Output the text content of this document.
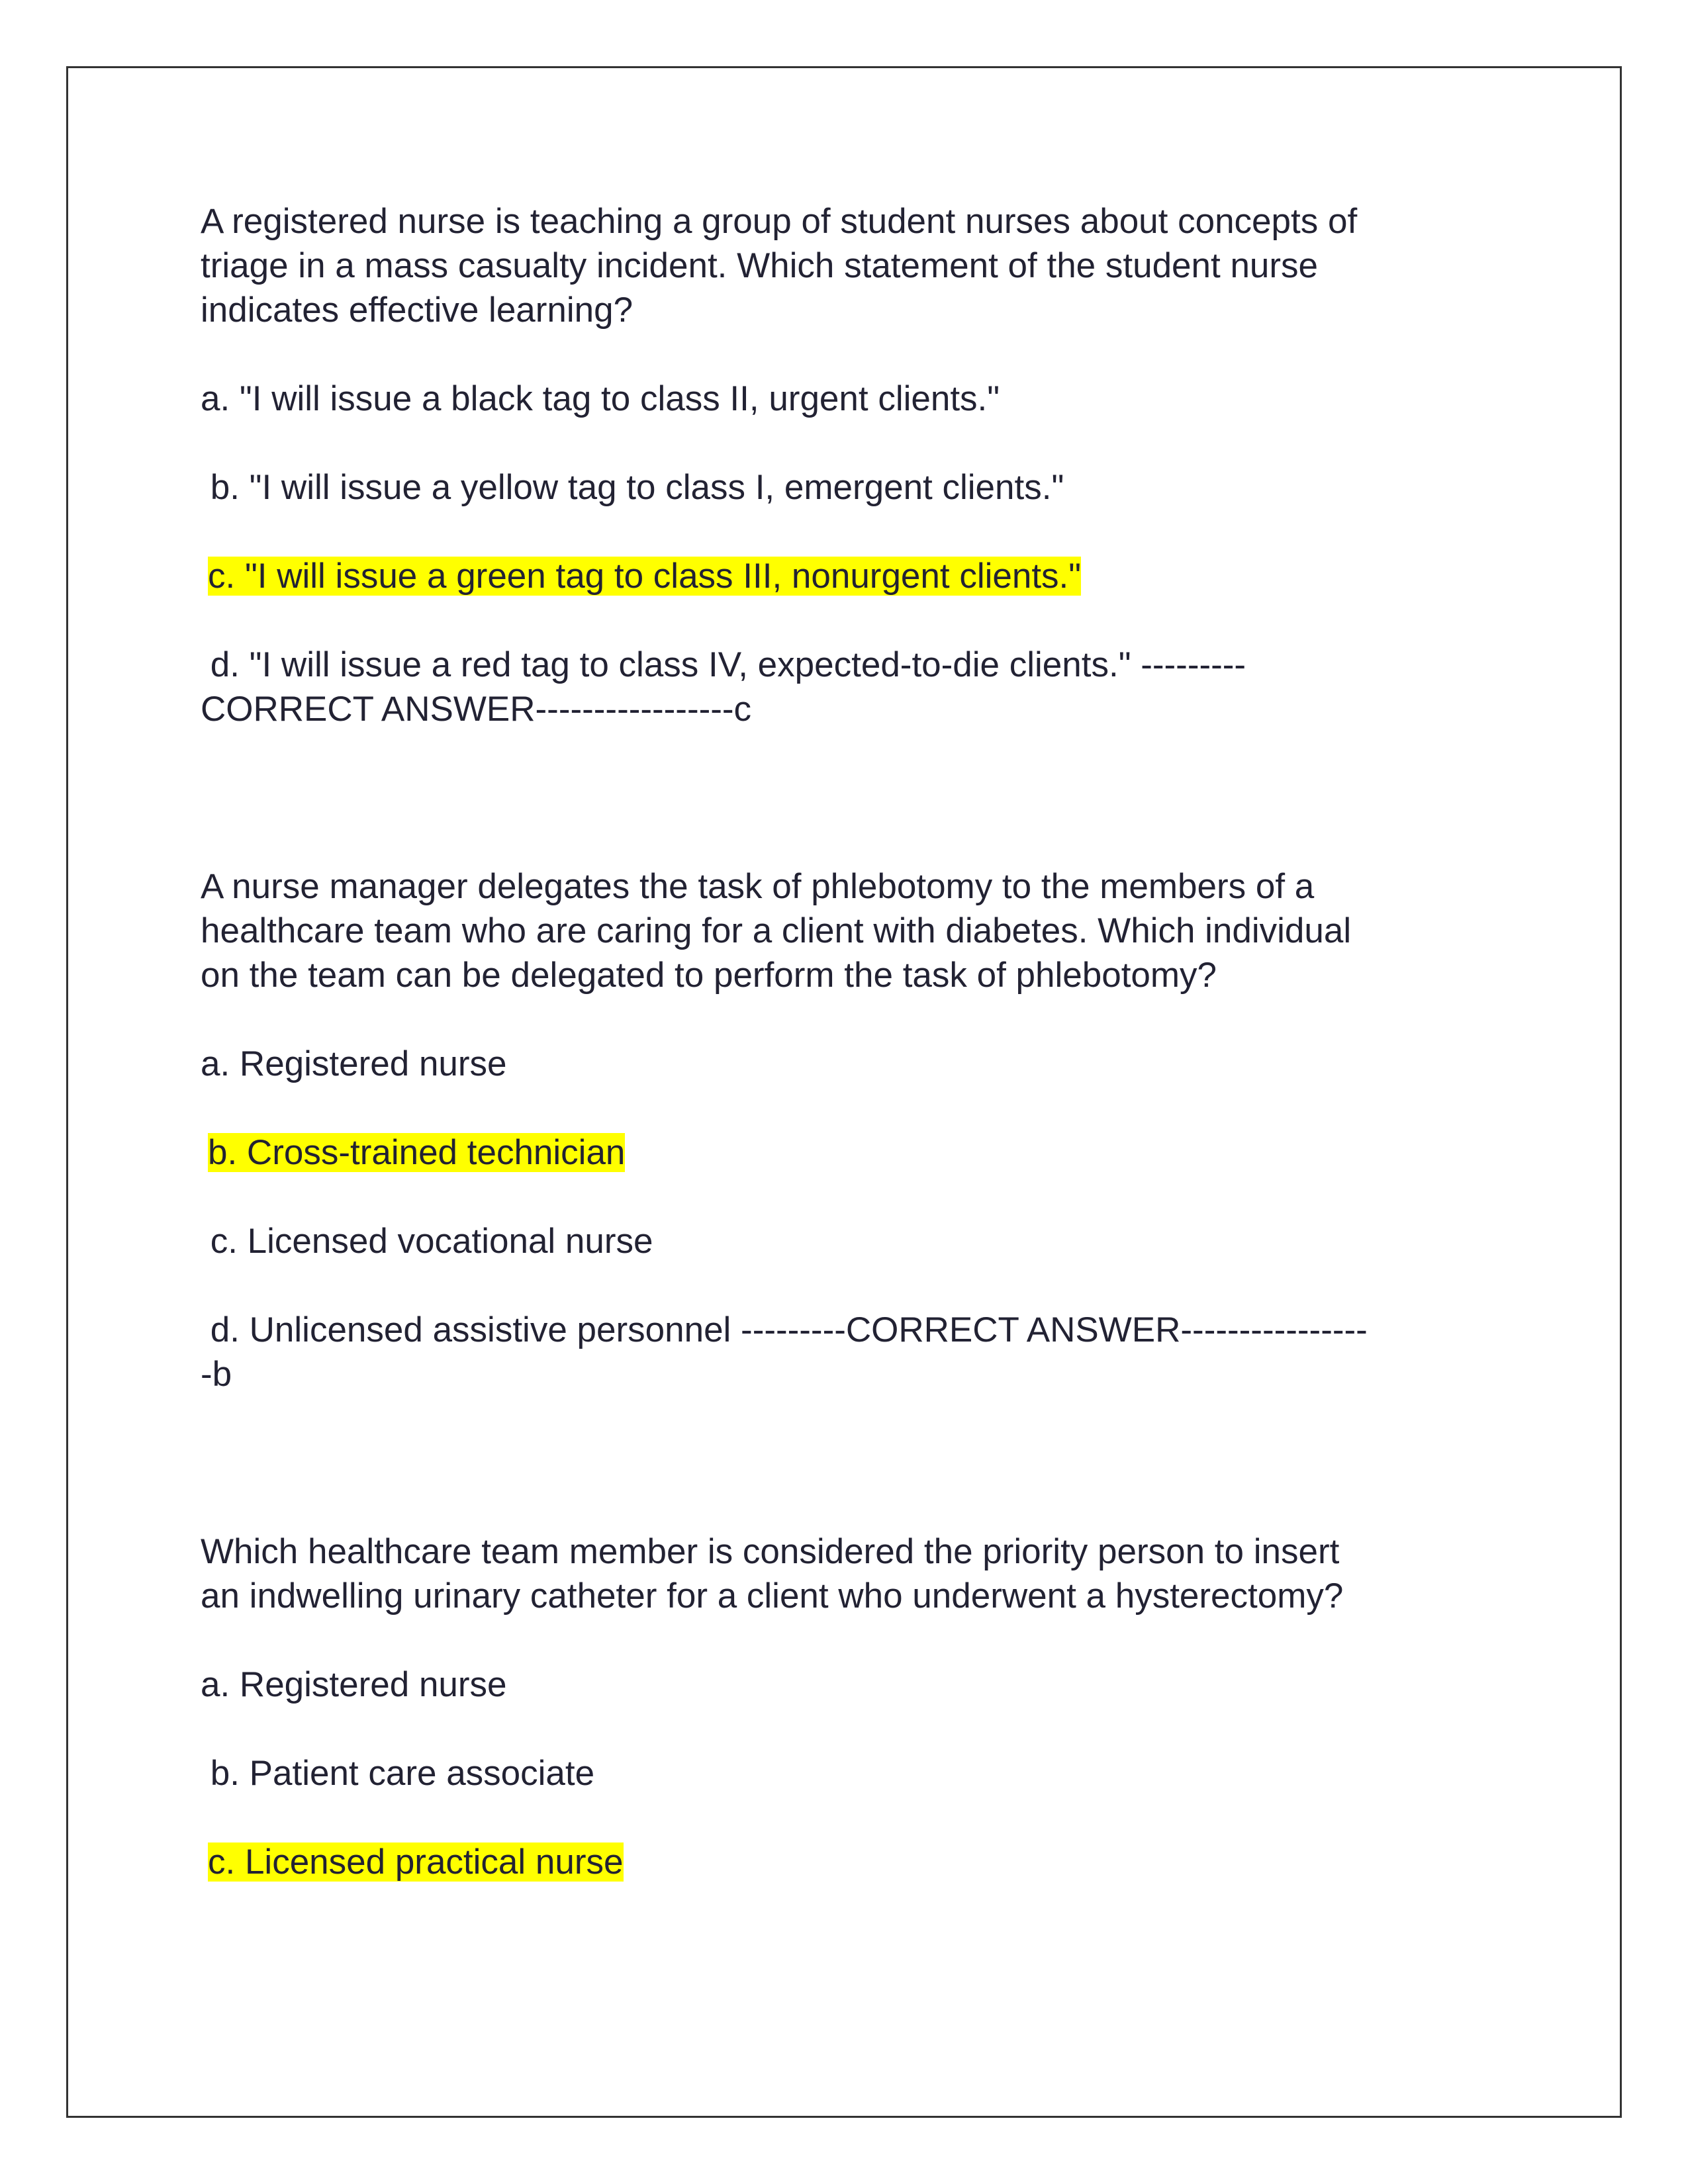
A registered nurse is teaching a group of student nurses about concepts of

triage in a mass casualty incident. Which statement of the student nurse

indicates effective learning?

a. "I will issue a black tag to class II, urgent clients."

b. "I will issue a yellow tag to class I, emergent clients."

c. "I will issue a green tag to class III, nonurgent clients."

d. "I will issue a red tag to class IV, expected-to-die clients." ---------

CORRECT ANSWER-----------------c

A nurse manager delegates the task of phlebotomy to the members of a

healthcare team who are caring for a client with diabetes. Which individual

on the team can be delegated to perform the task of phlebotomy?

a. Registered nurse

b. Cross-trained technician

c. Licensed vocational nurse

d. Unlicensed assistive personnel ---------CORRECT ANSWER----------------

-b

Which healthcare team member is considered the priority person to insert

an indwelling urinary catheter for a client who underwent a hysterectomy?

a. Registered nurse

b. Patient care associate

c. Licensed practical nurse
